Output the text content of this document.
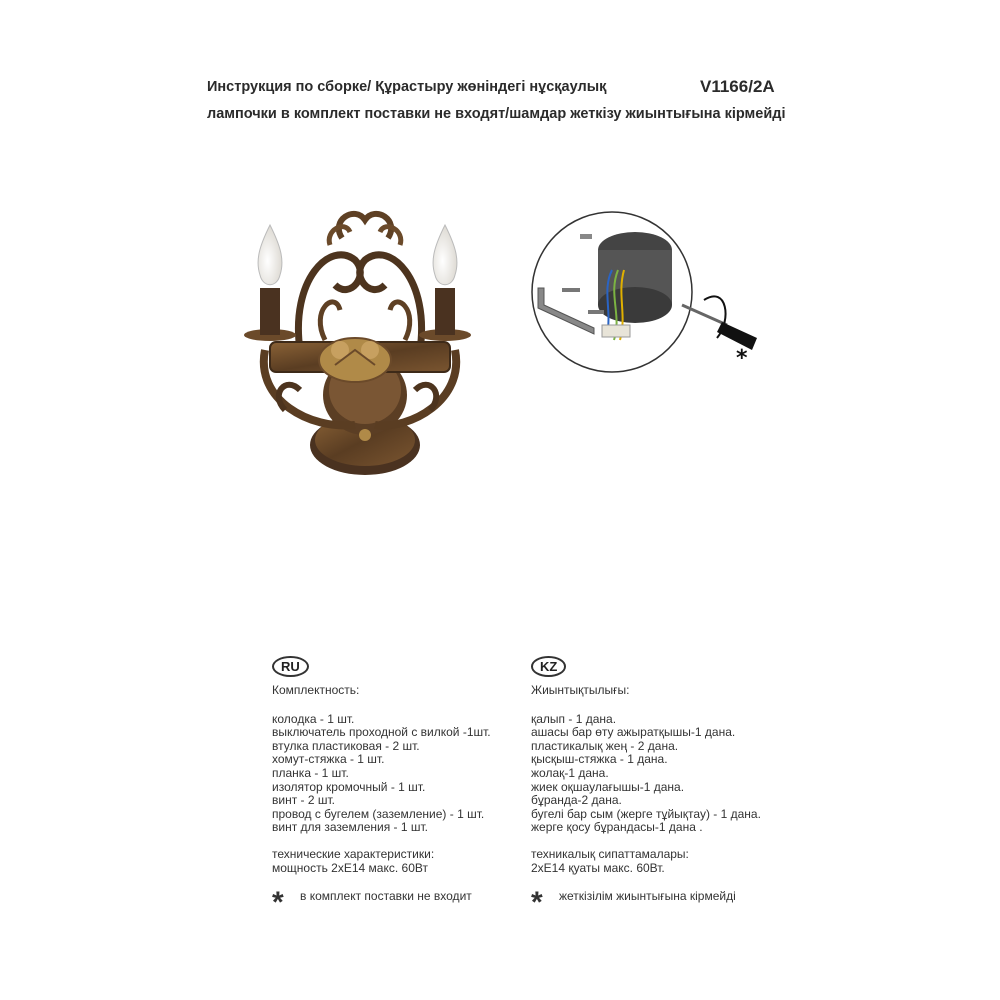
Инструкция по сборке/ Құрастыру жөніндегі нұсқаулық	V1166/2A
лампочки в комплект поставки не входят/шамдар жеткізу жиынтығына кірмейді
*
RU

Комплектность:

колодка - 1 шт.

выключатель проходной с вилкой -1шт.

втулка пластиковая - 2 шт.

хомут-стяжка - 1 шт.

планка - 1 шт.

изолятор кромочный - 1 шт.

винт - 2 шт.

провод с бугелем (заземление) - 1 шт.

винт для заземления - 1 шт.

технические характеристики:

мощность 2хЕ14 макс. 60Вт

*	в комплект поставки не входит
KZ

Жиынтықтылығы:

қалып - 1 дана.

ашасы бар өту ажыратқышы-1 дана.

пластикалық жең - 2 дана.

қысқыш-стяжка - 1 дана.

жолақ-1 дана.

жиек оқшаулағышы-1 дана.

бұранда-2 дана.

бугелі бар сым (жерге тұйықтау) - 1 дана.

жерге қосу бұрандасы-1 дана .

техникалық сипаттамалары:

2хЕ14 қуаты макс. 60Вт.

*	жеткізілім жиынтығына кірмейді
